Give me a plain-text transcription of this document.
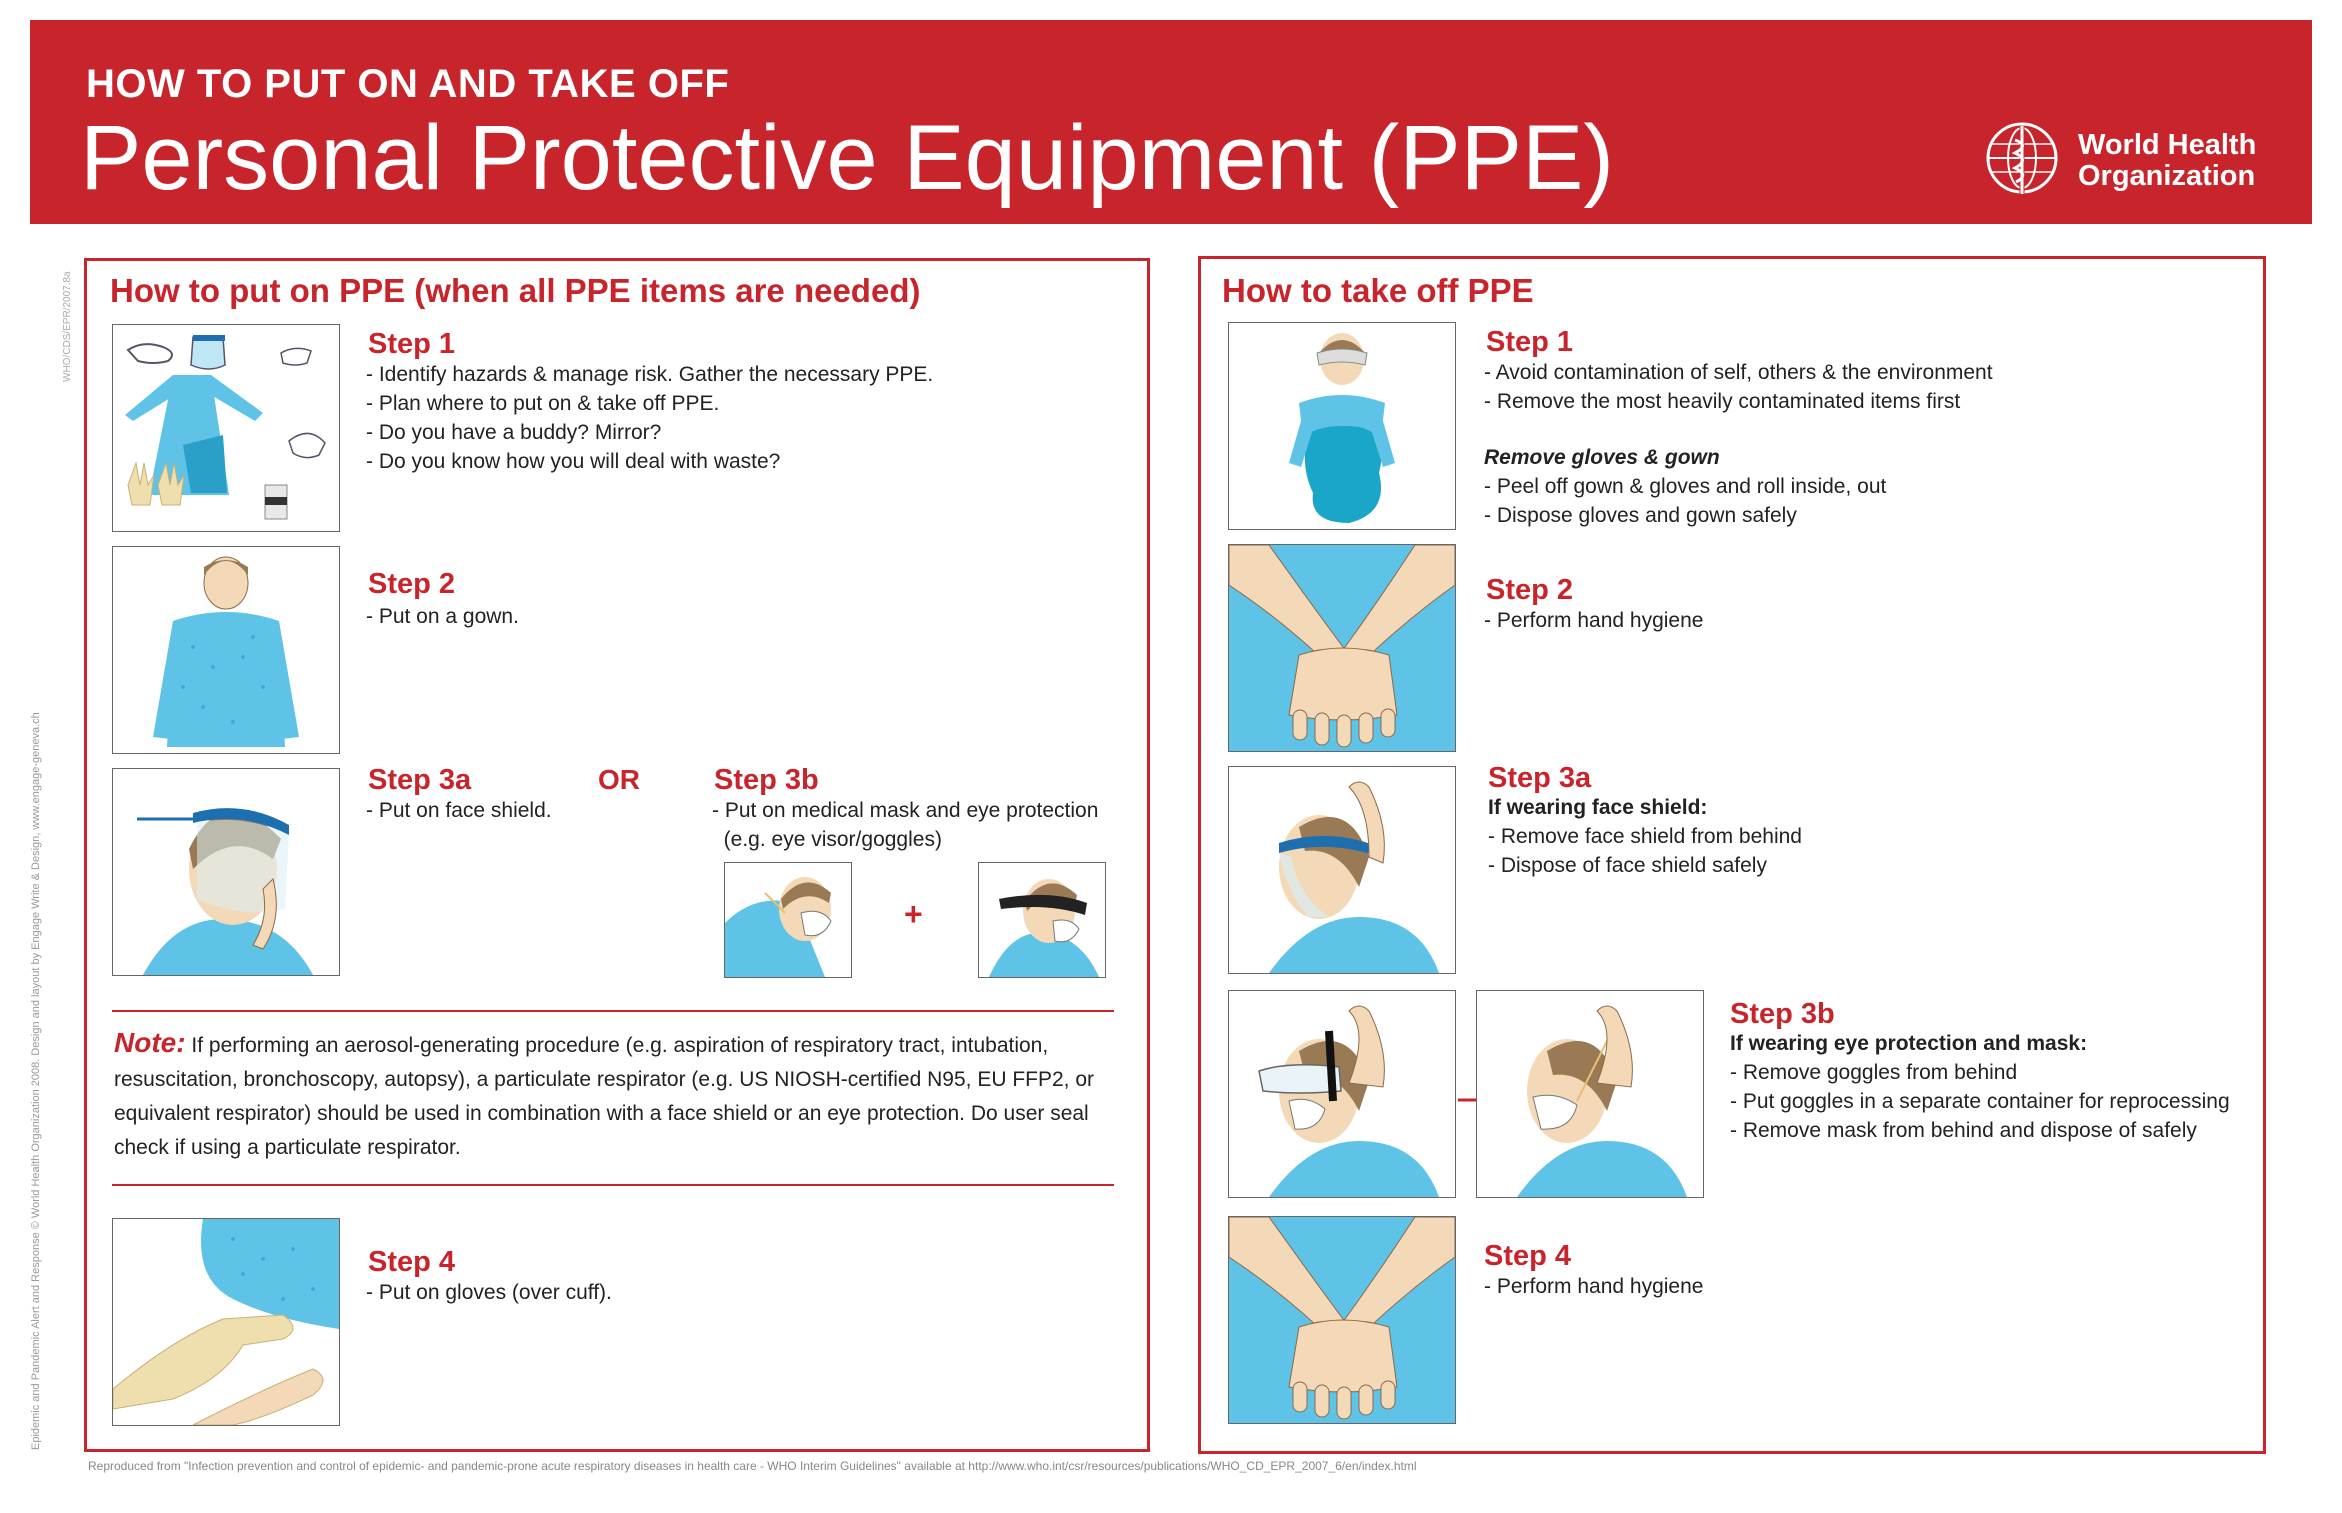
HOW TO PUT ON AND TAKE OFF
Personal Protective Equipment (PPE)	World Health
Organization
Epidemic and Pandemic Alert and Response © World Health Organization 2008. Design and layout by Engage Write & Design, www.engage-geneva.ch
WHO/CDS/EPR/2007.8a How to put on PPE (when all PPE items are needed)
Step 1
- Identify hazards & manage risk. Gather the necessary PPE.
- Plan where to put on & take off PPE.
- Do you have a buddy? Mirror?
- Do you know how you will deal with waste?
Step 2
- Put on a gown.
Step 3a
- Put on face shield.
OR	Step 3b
- Put on medical mask and eye protection
(e.g. eye visor/goggles)
+
Note: If performing an aerosol-generating procedure (e.g. aspiration of respiratory tract, intubation, resuscitation, bronchoscopy, autopsy), a particulate respirator (e.g. US NIOSH-certified N95, EU FFP2, or equivalent respirator) should be used in combination with a face shield or an eye protection. Do user seal check if using a particulate respirator.
Step 4
- Put on gloves (over cuff).
How to take off PPE
Step 1
- Avoid contamination of self, others & the environment
- Remove the most heavily contaminated items first
Remove gloves & gown
- Peel off gown & gloves and roll inside, out
- Dispose gloves and gown safely
Step 2
- Perform hand hygiene
Step 3a
If wearing face shield:
- Remove face shield from behind
- Dispose of face shield safely
Step 3b
If wearing eye protection and mask:
- Remove goggles from behind
- Put goggles in a separate container for reprocessing
- Remove mask from behind and dispose of safely
Step 4
- Perform hand hygiene
Reproduced from "Infection prevention and control of epidemic- and pandemic-prone acute respiratory diseases in health care - WHO Interim Guidelines" available at http://www.who.int/csr/resources/publications/WHO_CD_EPR_2007_6/en/index.html
